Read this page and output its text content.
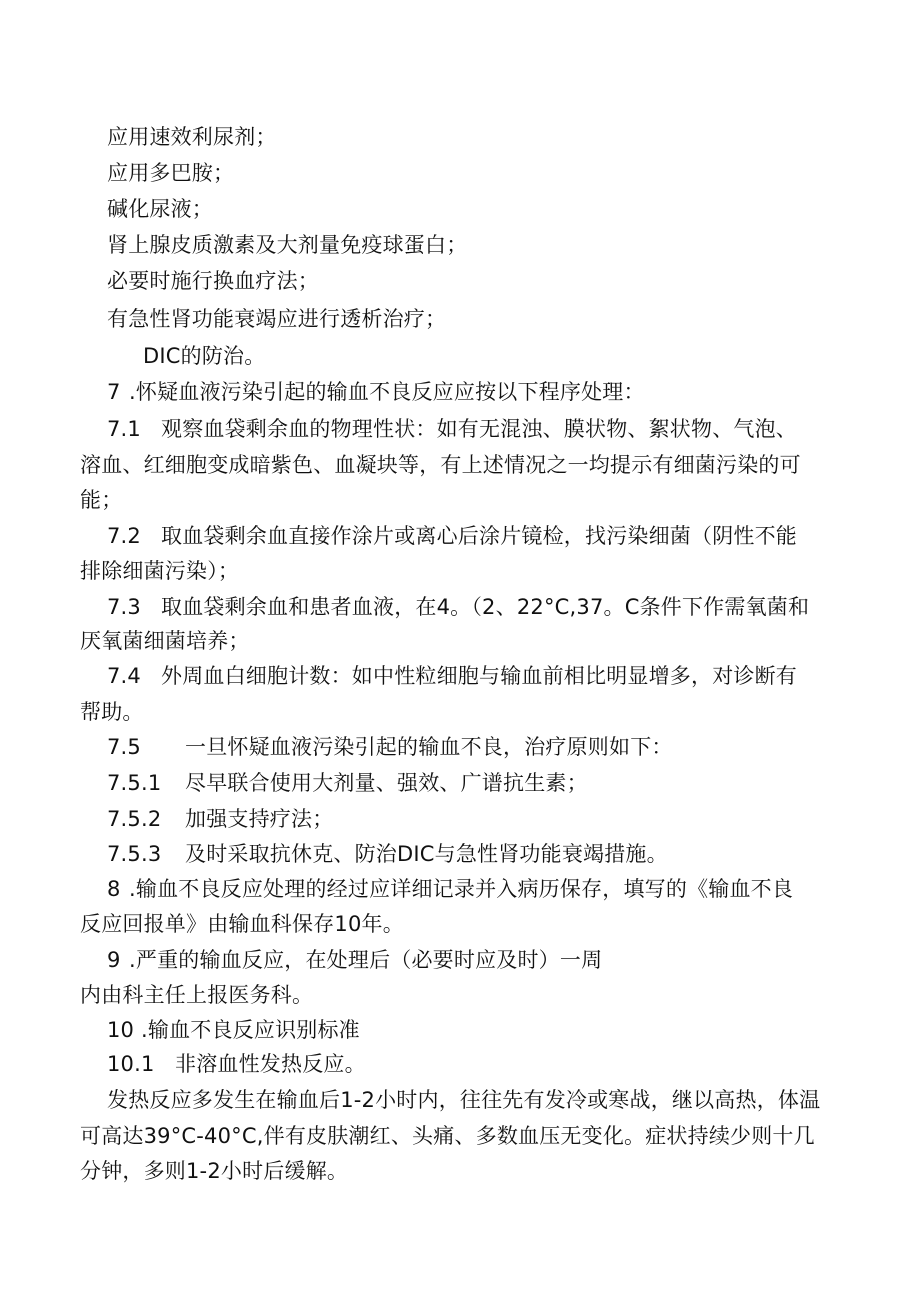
应用速效利尿剂；
应用多巴胺；
碱化尿液；
肾上腺皮质激素及大剂量免疫球蛋白；
必要时施行换血疗法；
有急性肾功能衰竭应进行透析治疗；
DIC的防治。
7 .怀疑血液污染引起的输血不良反应应按以下程序处理：
7.1 观察血袋剩余血的物理性状：如有无混浊、膜状物、絮状物、气泡、
溶血、红细胞变成暗紫色、血凝块等，有上述情况之一均提示有细菌污染的可
能；
7.2 取血袋剩余血直接作涂片或离心后涂片镜检，找污染细菌（阴性不能
排除细菌污染）；
7.3 取血袋剩余血和患者血液，在4。（2、22°C,37。C条件下作需氧菌和
厌氧菌细菌培养；
7.4 外周血白细胞计数：如中性粒细胞与输血前相比明显增多，对诊断有
帮助。
7.5 一旦怀疑血液污染引起的输血不良，治疗原则如下：
7.5.1 尽早联合使用大剂量、强效、广谱抗生素；
7.5.2 加强支持疗法；
7.5.3 及时采取抗休克、防治DIC与急性肾功能衰竭措施。
8 .输血不良反应处理的经过应详细记录并入病历保存，填写的《输血不良
反应回报单》由输血科保存10年。
9 .严重的输血反应，在处理后（必要时应及时）一周
内由科主任上报医务科。
10 .输血不良反应识别标准
10.1 非溶血性发热反应。
发热反应多发生在输血后1-2小时内，往往先有发冷或寒战，继以高热，体温
可高达39°C-40°C,伴有皮肤潮红、头痛、多数血压无变化。症状持续少则十几
分钟，多则1-2小时后缓解。
